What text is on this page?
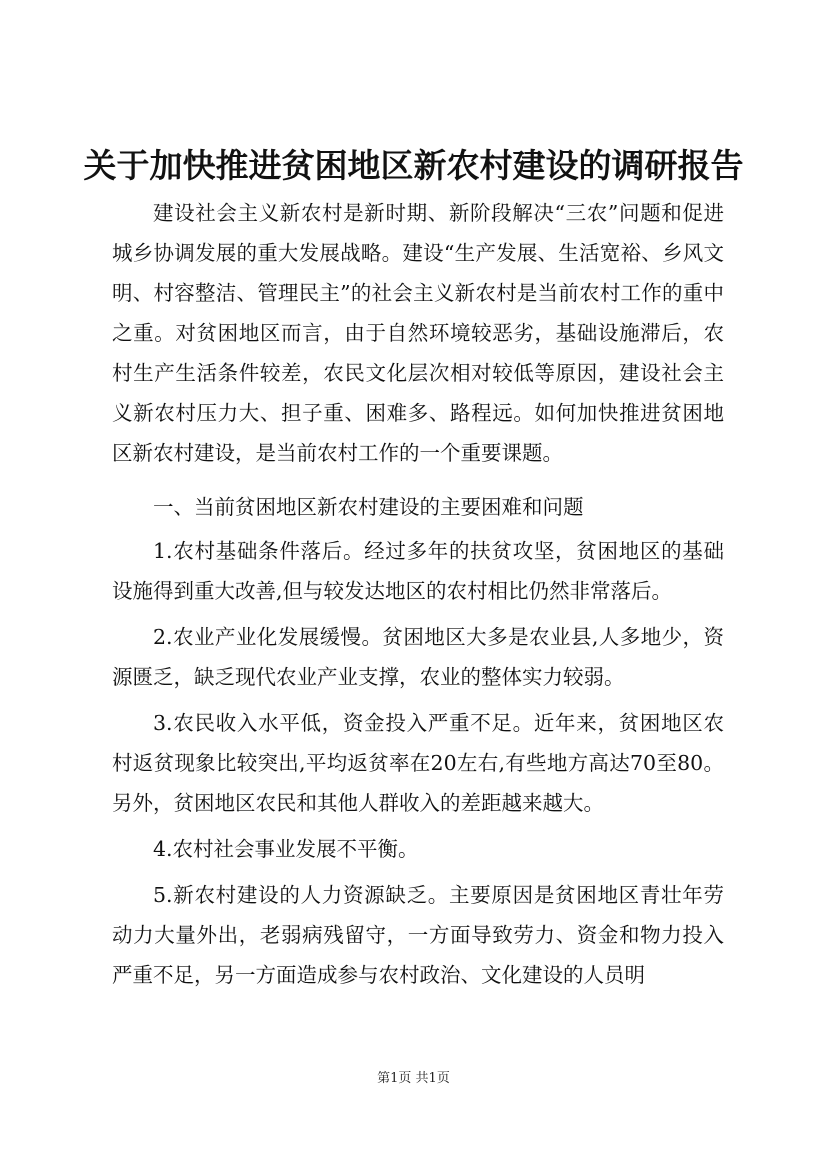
关于加快推进贫困地区新农村建设的调研报告

建设社会主义新农村是新时期、新阶段解决“三农”问题和促进城乡协调发展的重大发展战略。建设“生产发展、生活宽裕、乡风文明、村容整洁、管理民主”的社会主义新农村是当前农村工作的重中之重。对贫困地区而言，由于自然环境较恶劣，基础设施滞后，农村生产生活条件较差，农民文化层次相对较低等原因，建设社会主义新农村压力大、担子重、困难多、路程远。如何加快推进贫困地区新农村建设，是当前农村工作的一个重要课题。

一、当前贫困地区新农村建设的主要困难和问题

1.农村基础条件落后。经过多年的扶贫攻坚，贫困地区的基础设施得到重大改善,但与较发达地区的农村相比仍然非常落后。

2.农业产业化发展缓慢。贫困地区大多是农业县,人多地少，资源匮乏，缺乏现代农业产业支撑，农业的整体实力较弱。

3.农民收入水平低，资金投入严重不足。近年来，贫困地区农村返贫现象比较突出,平均返贫率在20左右,有些地方高达70至80。另外，贫困地区农民和其他人群收入的差距越来越大。

4.农村社会事业发展不平衡。

5.新农村建设的人力资源缺乏。主要原因是贫困地区青壮年劳动力大量外出，老弱病残留守，一方面导致劳力、资金和物力投入严重不足，另一方面造成参与农村政治、文化建设的人员明

第1页 共1页
